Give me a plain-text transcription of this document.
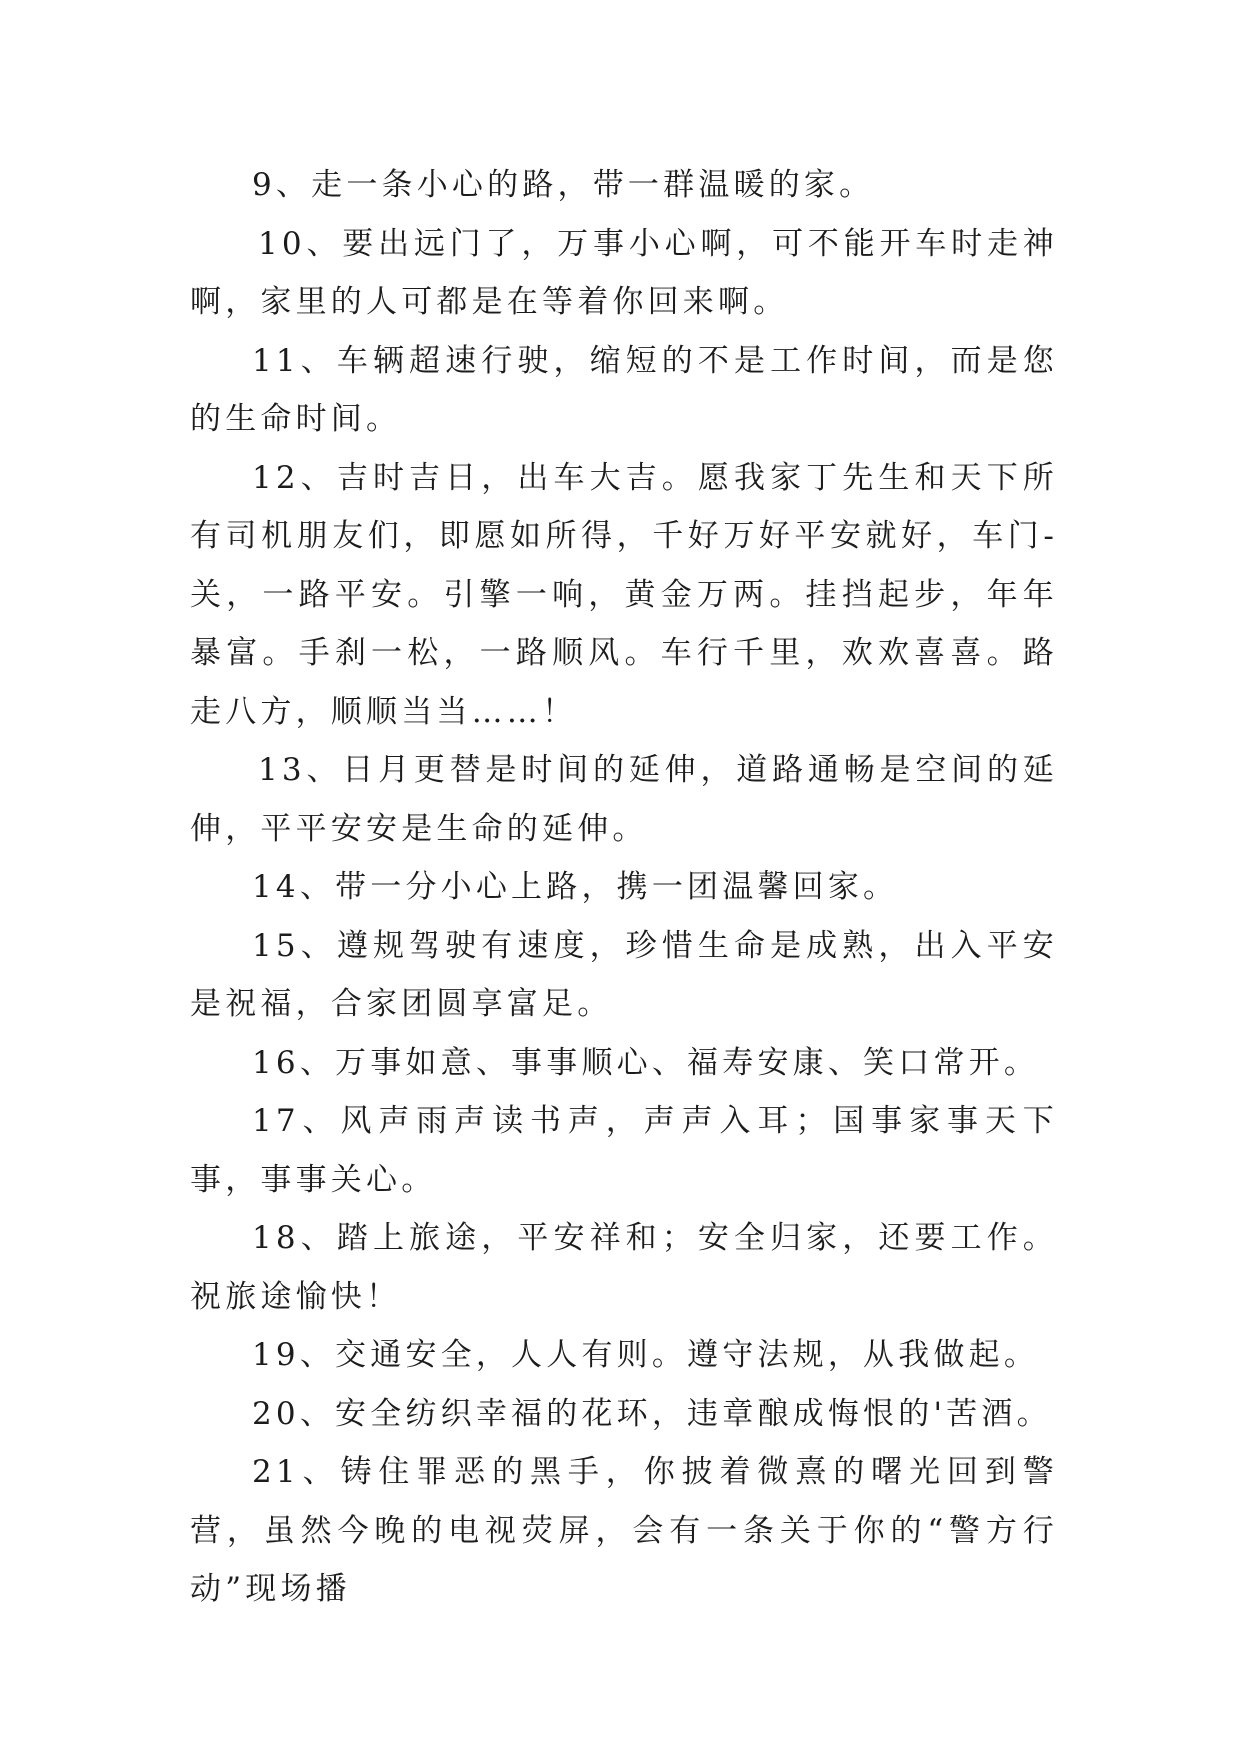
9、走一条小心的路，带一群温暖的家。

10、要出远门了，万事小心啊，可不能开车时走神啊，家里的人可都是在等着你回来啊。

11、车辆超速行驶，缩短的不是工作时间，而是您的生命时间。

12、吉时吉日，出车大吉。愿我家丁先生和天下所有司机朋友们，即愿如所得，千好万好平安就好，车门-关，一路平安。引擎一响，黄金万两。挂挡起步，年年暴富。手刹一松，一路顺风。车行千里，欢欢喜喜。路走八方，顺顺当当……！

13、日月更替是时间的延伸，道路通畅是空间的延伸，平平安安是生命的延伸。

14、带一分小心上路，携一团温馨回家。

15、遵规驾驶有速度，珍惜生命是成熟，出入平安是祝福，合家团圆享富足。

16、万事如意、事事顺心、福寿安康、笑口常开。

17、风声雨声读书声，声声入耳；国事家事天下事，事事关心。

18、踏上旅途，平安祥和；安全归家，还要工作。祝旅途愉快！

19、交通安全，人人有则。遵守法规，从我做起。

20、安全纺织幸福的花环，违章酿成悔恨的'苦酒。

21、铸住罪恶的黑手，你披着微熹的曙光回到警营，虽然今晚的电视荧屏，会有一条关于你的“警方行动”现场播
